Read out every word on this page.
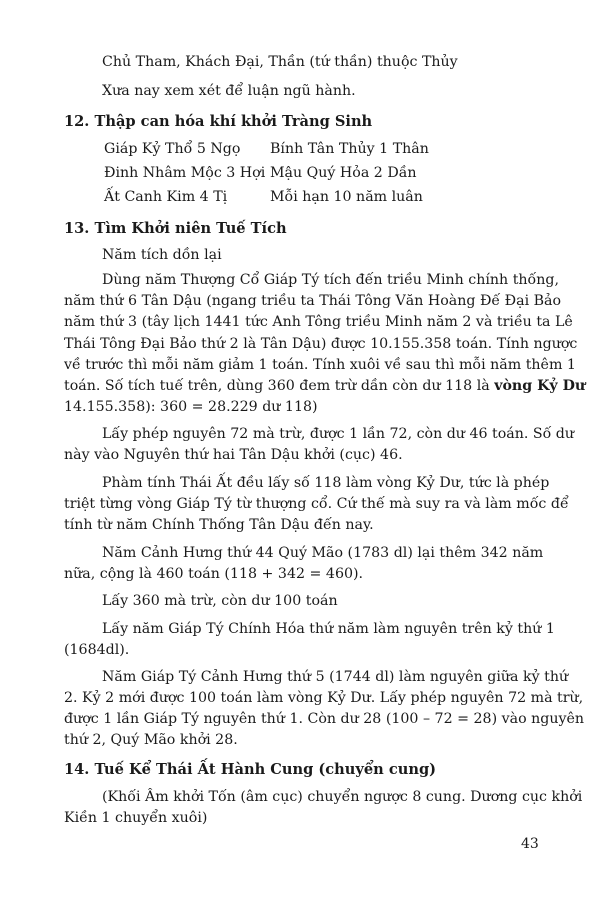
Chủ Tham, Khách Đại, Thần (tứ thần) thuộc Thủy
Xưa nay xem xét để luận ngũ hành.
12. Thập can hóa khí khởi Tràng Sinh
Giáp Kỷ Thổ 5 Ngọ Bính Tân Thủy 1 Thân
Đinh Nhâm Mộc 3 Hợi Mậu Quý Hỏa 2 Dần
Ất Canh Kim 4 Tị	Mỗi hạn 10 năm luân
13. Tìm Khởi niên Tuế Tích
Năm tích dồn lại
Dùng năm Thượng Cổ Giáp Tý tích đến triều Minh chính thống,
năm thứ 6 Tân Dậu (ngang triều ta Thái Tông Văn Hoàng Đế Đại Bảo
năm thứ 3 (tây lịch 1441 tức Anh Tông triều Minh năm 2 và triều ta Lê
Thái Tông Đại Bảo thứ 2 là Tân Dậu) được 10.155.358 toán. Tính ngược
về trước thì mỗi năm giảm 1 toán. Tính xuôi về sau thì mỗi năm thêm 1
toán. Số tích tuế trên, dùng 360 đem trừ dần còn dư 118 là vòng Kỷ Dư
14.155.358): 360 = 28.229 dư 118)
Lấy phép nguyên 72 mà trừ, được 1 lần 72, còn dư 46 toán. Số dư
này vào Nguyên thứ hai Tân Dậu khởi (cục) 46.
Phàm tính Thái Ất đều lấy số 118 làm vòng Kỷ Dư, tức là phép
triệt từng vòng Giáp Tý từ thượng cổ. Cứ thế mà suy ra và làm mốc để
tính từ năm Chính Thống Tân Dậu đến nay.
Năm Cảnh Hưng thứ 44 Quý Mão (1783 dl) lại thêm 342 năm
nữa, cộng là 460 toán (118 + 342 = 460).
Lấy 360 mà trừ, còn dư 100 toán
Lấy năm Giáp Tý Chính Hóa thứ năm làm nguyên trên kỷ thứ 1
(1684dl).
Năm Giáp Tý Cảnh Hưng thứ 5 (1744 dl) làm nguyên giữa kỷ thứ
2. Kỷ 2 mới được 100 toán làm vòng Kỷ Dư. Lấy phép nguyên 72 mà trừ,
được 1 lần Giáp Tý nguyên thứ 1. Còn dư 28 (100 – 72 = 28) vào nguyên
thứ 2, Quý Mão khởi 28.
14. Tuế Kể Thái Ất Hành Cung (chuyển cung)
(Khối Âm khởi Tốn (âm cục) chuyển ngược 8 cung. Dương cục khởi
Kiền 1 chuyển xuôi)
43
